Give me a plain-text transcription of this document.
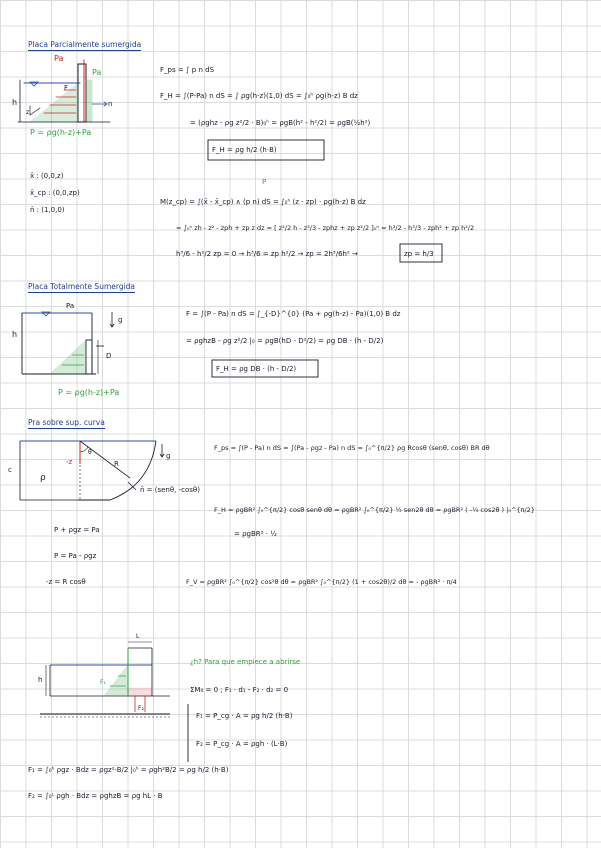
Placa Parcialmente sumergida
Pa
Pa
h
F
n
z
P = ρg(h-z)+Pa
F_ps = ∫ p n dS
F_H = ∫(P-Pa) n dS = ∫ ρg(h-z)(1,0) dS = ∫₀ʰ ρg(h-z) B dz
= (ρghz - ρg z²/2 · B)₀ʰ = ρgB(h² - h²/2) = ρgB(½h²)
F_H = ρg h/2 (h·B)
x̄ : (0,0,z)
x̄_cp : (0,0,zp)
n̄ : (1,0,0)
P
M(z_cp) = ∫(x̄ - x̄_cp) ∧ (p n) dS = ∫₀ʰ (z - zp) · ρg(h-z) B dz
= ∫₀ʰ zh - z² - zph + zp z dz = [ z²/2 h - z³/3 - zphz + zp z²/2 ]₀ʰ = h³/2 - h³/3 - zph² + zp h²/2
h³/6 - h²/2 zp = 0 → h³/6 = zp h²/2 → zp = 2h³/6h² →	zp = h/3
Placa Totalmente Sumergida
Pa
g
h
D
P = ρg(h-z)+Pa
F = ∫(P - Pa) n dS = ∫_{-D}^{0} (Pa + ρg(h-z) - Pa)(1,0) B dz
= ρghzB - ρg z²/2 |₀ = ρgB(hD - D²/2) = ρg DB · (h - D/2)
F_H = ρg DB · (h - D/2)
Pra sobre sup. curva
-z
θ
R
c
ρ
g
n̄ = (senθ, -cosθ)
P + ρgz = Pa
P = Pa - ρgz
-z = R cosθ
F_ps = ∫(P - Pa) n dS = ∫(Pa - ρgz - Pa) n dS = ∫₀^{π/2} ρg Rcosθ (senθ, cosθ) BR dθ
F_H = ρgBR² ∫₀^{π/2} cosθ senθ dθ = ρgBR² ∫₀^{π/2} ½ sen2θ dθ = ρgBR² ( -¼ cos2θ ) |₀^{π/2}
= ρgBR² · ½
F_V = ρgBR² ∫₀^{π/2} cos²θ dθ = ρgBR² ∫₀^{π/2} (1 + cos2θ)/2 dθ = - ρgBR² · π/4
L
h	F₁
F₂
¿h? Para que empiece a abrirse
ΣM₀ = 0 ; F₁ · d₁ - F₂ · d₂ = 0
F₁ = P_cg · A = ρg h/2 (h·B)
F₂ = P_cg · A = ρgh · (L·B)
F₁ = ∫₀ʰ ρgz · Bdz = ρgz²·B/2 |₀ʰ = ρgh²B/2 = ρg h/2 (h·B)
F₂ = ∫₀ᴸ ρgh · Bdz = ρghzB = ρg hL · B
